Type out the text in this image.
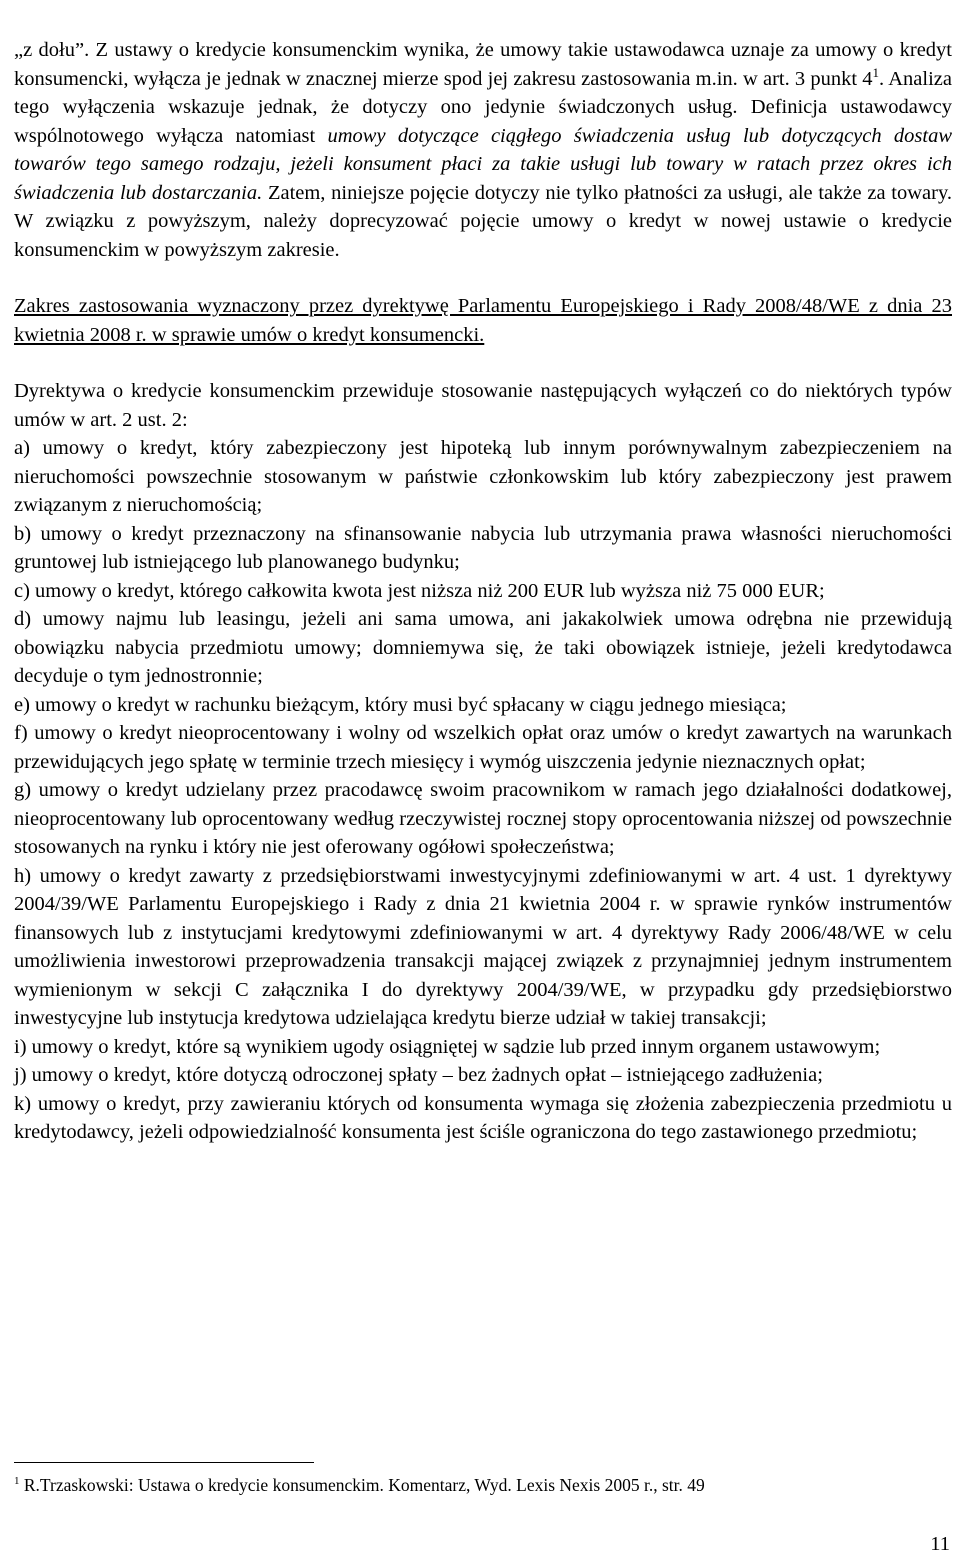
„z dołu”. Z ustawy o kredycie konsumenckim wynika, że umowy takie ustawodawca uznaje za umowy o kredyt konsumencki, wyłącza je jednak w znacznej mierze spod jej zakresu zastosowania m.in. w art. 3 punkt $4^1$. Analiza tego wyłączenia wskazuje jednak, że dotyczy ono jedynie świadczonych usług. Definicja ustawodawcy wspólnotowego wyłącza natomiast umowy dotyczące ciągłego świadczenia usług lub dotyczących dostaw towarów tego samego rodzaju, jeżeli konsument płaci za takie usługi lub towary w ratach przez okres ich świadczenia lub dostarczania. Zatem, niniejsze pojęcie dotyczy nie tylko płatności za usługi, ale także za towary. W związku z powyższym, należy doprecyzować pojęcie umowy o kredyt w nowej ustawie o kredycie konsumenckim w powyższym zakresie.

Zakres zastosowania wyznaczony przez dyrektywę Parlamentu Europejskiego i Rady 2008/48/WE z dnia 23 kwietnia 2008 r. w sprawie umów o kredyt konsumencki.

Dyrektywa o kredycie konsumenckim przewiduje stosowanie następujących wyłączeń co do niektórych typów umów w art. 2 ust. 2:

a) umowy o kredyt, który zabezpieczony jest hipoteką lub innym porównywalnym zabezpieczeniem na nieruchomości powszechnie stosowanym w państwie członkowskim lub który zabezpieczony jest prawem związanym z nieruchomością;

b) umowy o kredyt przeznaczony na sfinansowanie nabycia lub utrzymania prawa własności nieruchomości gruntowej lub istniejącego lub planowanego budynku;

c) umowy o kredyt, którego całkowita kwota jest niższa niż 200 EUR lub wyższa niż 75 000 EUR;

d) umowy najmu lub leasingu, jeżeli ani sama umowa, ani jakakolwiek umowa odrębna nie przewidują obowiązku nabycia przedmiotu umowy; domniemywa się, że taki obowiązek istnieje, jeżeli kredytodawca decyduje o tym jednostronnie;

e) umowy o kredyt w rachunku bieżącym, który musi być spłacany w ciągu jednego miesiąca;

f) umowy o kredyt nieoprocentowany i wolny od wszelkich opłat oraz umów o kredyt zawartych na warunkach przewidujących jego spłatę w terminie trzech miesięcy i wymóg uiszczenia jedynie nieznacznych opłat;

g) umowy o kredyt udzielany przez pracodawcę swoim pracownikom w ramach jego działalności dodatkowej, nieoprocentowany lub oprocentowany według rzeczywistej rocznej stopy oprocentowania niższej od powszechnie stosowanych na rynku i który nie jest oferowany ogółowi społeczeństwa;

h) umowy o kredyt zawarty z przedsiębiorstwami inwestycyjnymi zdefiniowanymi w art. 4 ust. 1 dyrektywy 2004/39/WE Parlamentu Europejskiego i Rady z dnia 21 kwietnia 2004 r. w sprawie rynków instrumentów finansowych lub z instytucjami kredytowymi zdefiniowanymi w art. 4 dyrektywy Rady 2006/48/WE w celu umożliwienia inwestorowi przeprowadzenia transakcji mającej związek z przynajmniej jednym instrumentem wymienionym w sekcji C załącznika I do dyrektywy 2004/39/WE, w przypadku gdy przedsiębiorstwo inwestycyjne lub instytucja kredytowa udzielająca kredytu bierze udział w takiej transakcji;

i) umowy o kredyt, które są wynikiem ugody osiągniętej w sądzie lub przed innym organem ustawowym;

j) umowy o kredyt, które dotyczą odroczonej spłaty – bez żadnych opłat – istniejącego zadłużenia;

k) umowy o kredyt, przy zawieraniu których od konsumenta wymaga się złożenia zabezpieczenia przedmiotu u kredytodawcy, jeżeli odpowiedzialność konsumenta jest ściśle ograniczona do tego zastawionego przedmiotu;

$^1$ R.Trzaskowski: Ustawa o kredycie konsumenckim. Komentarz, Wyd. Lexis Nexis 2005 r., str. 49

11
